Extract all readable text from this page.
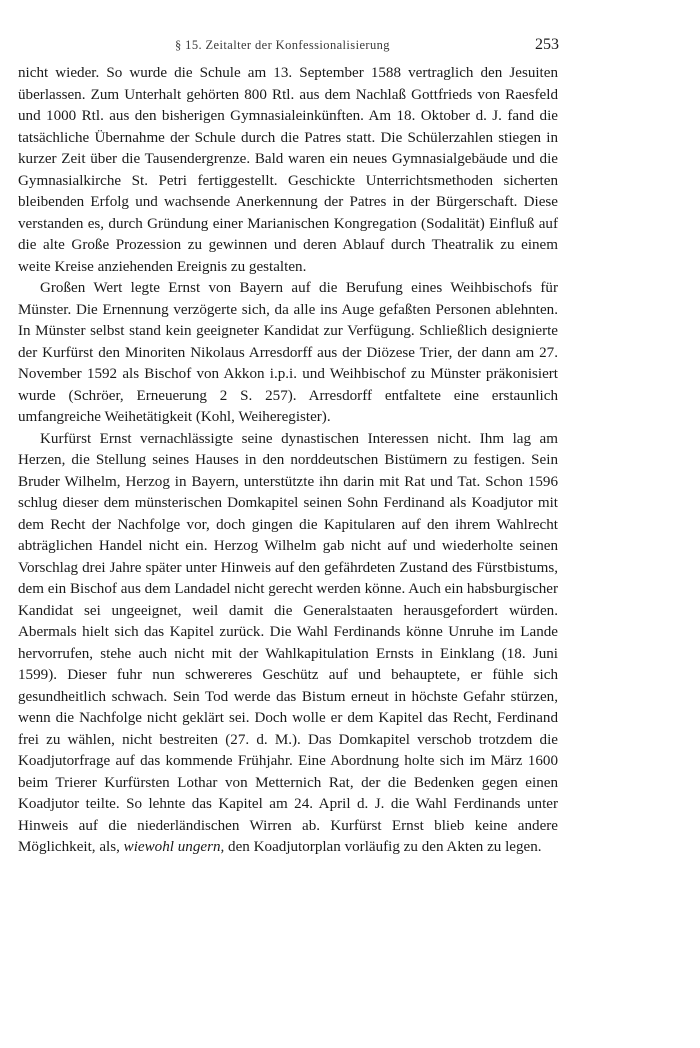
§ 15. Zeitalter der Konfessionalisierung	253

nicht wieder. So wurde die Schule am 13. September 1588 vertraglich den Jesuiten überlassen. Zum Unterhalt gehörten 800 Rtl. aus dem Nachlaß Gottfrieds von Raesfeld und 1000 Rtl. aus den bisherigen Gymnasialeinkünften. Am 18. Oktober d. J. fand die tatsächliche Übernahme der Schule durch die Patres statt. Die Schülerzahlen stiegen in kurzer Zeit über die Tausendergrenze. Bald waren ein neues Gymnasialgebäude und die Gymnasialkirche St. Petri fertiggestellt. Geschickte Unterrichtsmethoden sicherten bleibenden Erfolg und wachsende Anerkennung der Patres in der Bürgerschaft. Diese verstanden es, durch Gründung einer Marianischen Kongregation (Sodalität) Einfluß auf die alte Große Prozession zu gewinnen und deren Ablauf durch Theatralik zu einem weite Kreise anziehenden Ereignis zu gestalten.

Großen Wert legte Ernst von Bayern auf die Berufung eines Weihbischofs für Münster. Die Ernennung verzögerte sich, da alle ins Auge gefaßten Personen ablehnten. In Münster selbst stand kein geeigneter Kandidat zur Verfügung. Schließlich designierte der Kurfürst den Minoriten Nikolaus Arresdorff aus der Diözese Trier, der dann am 27. November 1592 als Bischof von Akkon i.p.i. und Weihbischof zu Münster präkonisiert wurde (Schröer, Erneuerung 2 S. 257). Arresdorff entfaltete eine erstaunlich umfangreiche Weihetätigkeit (Kohl, Weiheregister).

Kurfürst Ernst vernachlässigte seine dynastischen Interessen nicht. Ihm lag am Herzen, die Stellung seines Hauses in den norddeutschen Bistümern zu festigen. Sein Bruder Wilhelm, Herzog in Bayern, unterstützte ihn darin mit Rat und Tat. Schon 1596 schlug dieser dem münsterischen Domkapitel seinen Sohn Ferdinand als Koadjutor mit dem Recht der Nachfolge vor, doch gingen die Kapitularen auf den ihrem Wahlrecht abträglichen Handel nicht ein. Herzog Wilhelm gab nicht auf und wiederholte seinen Vorschlag drei Jahre später unter Hinweis auf den gefährdeten Zustand des Fürstbistums, dem ein Bischof aus dem Landadel nicht gerecht werden könne. Auch ein habsburgischer Kandidat sei ungeeignet, weil damit die Generalstaaten herausgefordert würden. Abermals hielt sich das Kapitel zurück. Die Wahl Ferdinands könne Unruhe im Lande hervorrufen, stehe auch nicht mit der Wahlkapitulation Ernsts in Einklang (18. Juni 1599). Dieser fuhr nun schwereres Geschütz auf und behauptete, er fühle sich gesundheitlich schwach. Sein Tod werde das Bistum erneut in höchste Gefahr stürzen, wenn die Nachfolge nicht geklärt sei. Doch wolle er dem Kapitel das Recht, Ferdinand frei zu wählen, nicht bestreiten (27. d. M.). Das Domkapitel verschob trotzdem die Koadjutorfrage auf das kommende Frühjahr. Eine Abordnung holte sich im März 1600 beim Trierer Kurfürsten Lothar von Metternich Rat, der die Bedenken gegen einen Koadjutor teilte. So lehnte das Kapitel am 24. April d. J. die Wahl Ferdinands unter Hinweis auf die niederländischen Wirren ab. Kurfürst Ernst blieb keine andere Möglichkeit, als, wiewohl ungern, den Koadjutorplan vorläufig zu den Akten zu legen.
